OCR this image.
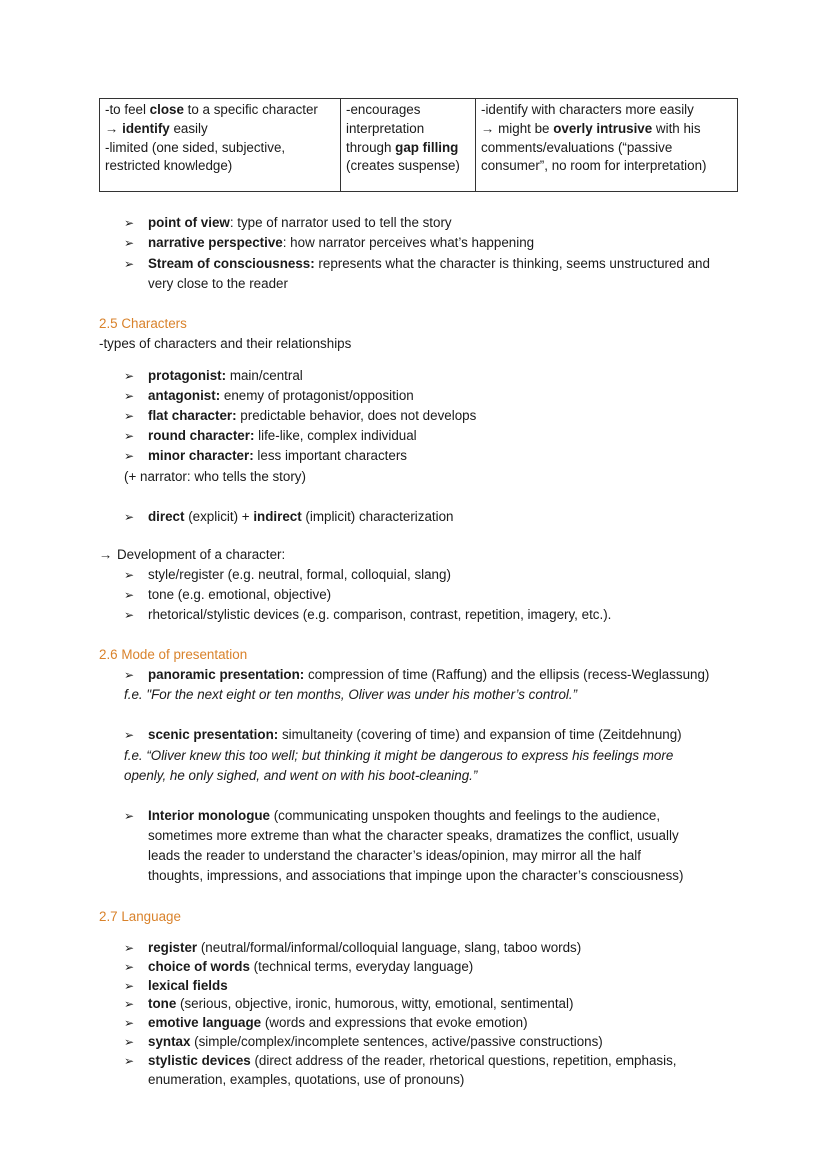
-to feel close to a specific character
→ identify easily
-limited (one sided, subjective,
restricted knowledge)

-encourages
interpretation
through gap filling
(creates suspense)

-identify with characters more easily
→ might be overly intrusive with his
comments/evaluations (“passive
consumer”, no room for interpretation)
➢ point of view: type of narrator used to tell the story
➢ narrative perspective: how narrator perceives what’s happening
➢ Stream of consciousness: represents what the character is thinking, seems unstructured and
very close to the reader
2.5 Characters
-types of characters and their relationships
➢ protagonist: main/central
➢ antagonist: enemy of protagonist/opposition
➢ flat character: predictable behavior, does not develops
➢ round character: life-like, complex individual
➢ minor character: less important characters
(+ narrator: who tells the story)
➢ direct (explicit) + indirect (implicit) characterization
→ Development of a character:
➢ style/register (e.g. neutral, formal, colloquial, slang)
➢ tone (e.g. emotional, objective)
➢ rhetorical/stylistic devices (e.g. comparison, contrast, repetition, imagery, etc.).
2.6 Mode of presentation
➢ panoramic presentation: compression of time (Raffung) and the ellipsis (recess-Weglassung)
f.e. "For the next eight or ten months, Oliver was under his mother’s control.”
➢ scenic presentation: simultaneity (covering of time) and expansion of time (Zeitdehnung)
f.e. “Oliver knew this too well; but thinking it might be dangerous to express his feelings more
openly, he only sighed, and went on with his boot-cleaning.”
➢ Interior monologue (communicating unspoken thoughts and feelings to the audience,
sometimes more extreme than what the character speaks, dramatizes the conflict, usually
leads the reader to understand the character’s ideas/opinion, may mirror all the half
thoughts, impressions, and associations that impinge upon the character’s consciousness)
2.7 Language
➢ register (neutral/formal/informal/colloquial language, slang, taboo words)
➢ choice of words (technical terms, everyday language)
➢ lexical fields
➢ tone (serious, objective, ironic, humorous, witty, emotional, sentimental)
➢ emotive language (words and expressions that evoke emotion)
➢ syntax (simple/complex/incomplete sentences, active/passive constructions)
➢ stylistic devices (direct address of the reader, rhetorical questions, repetition, emphasis,
enumeration, examples, quotations, use of pronouns)
